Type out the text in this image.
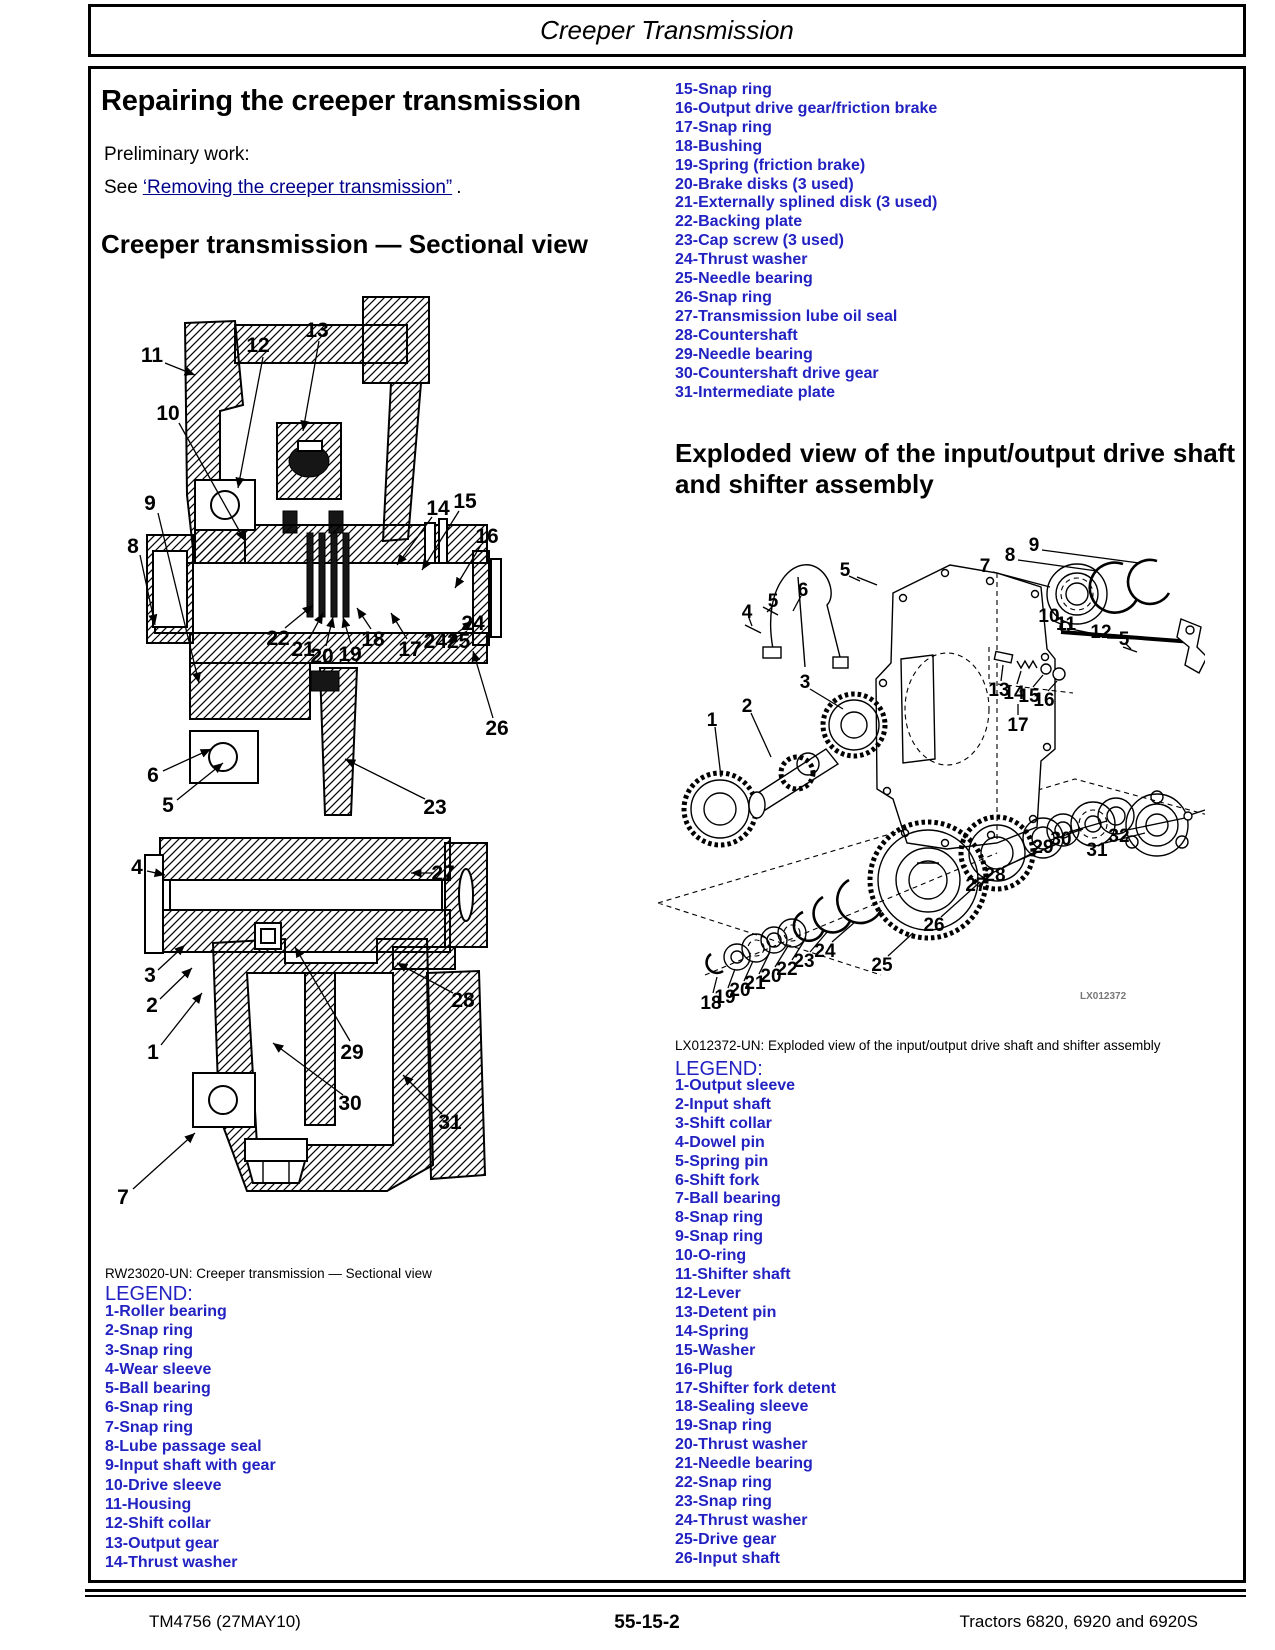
Creeper Transmission
Repairing the creeper transmission
Preliminary work:
See ‘Removing the creeper transmission” .
Creeper transmission — Sectional view
11	12
13
10
9
8
14 15
16
24
22 21
20 19
18 17 2425
26
6
5	23
4	27
3
2	28
1	29
30
31
7
RW23020-UN: Creeper transmission — Sectional view
LEGEND:
1-Roller bearing
2-Snap ring
3-Snap ring
4-Wear sleeve
5-Ball bearing
6-Snap ring
7-Snap ring
8-Lube passage seal
9-Input shaft with gear
10-Drive sleeve
11-Housing
12-Shift collar
13-Output gear
14-Thrust washer
15-Snap ring
16-Output drive gear/friction brake
17-Snap ring
18-Bushing
19-Spring (friction brake)
20-Brake disks (3 used)
21-Externally splined disk (3 used)
22-Backing plate
23-Cap screw (3 used)
24-Thrust washer
25-Needle bearing
26-Snap ring
27-Transmission lube oil seal
28-Countershaft
29-Needle bearing
30-Countershaft drive gear
31-Intermediate plate
Exploded view of the input/output drive shaft and shifter assembly
LX012372
1
2
3
4
5
6
5	7
8 9
10
11 12 5
13
14
15
16
17
18
19
20
21
20
22
23 24
25
26
27
28
29
30
31
32
LX012372-UN: Exploded view of the input/output drive shaft and shifter assembly
LEGEND:
1-Output sleeve
2-Input shaft
3-Shift collar
4-Dowel pin
5-Spring pin
6-Shift fork
7-Ball bearing
8-Snap ring
9-Snap ring
10-O-ring
11-Shifter shaft
12-Lever
13-Detent pin
14-Spring
15-Washer
16-Plug
17-Shifter fork detent
18-Sealing sleeve
19-Snap ring
20-Thrust washer
21-Needle bearing
22-Snap ring
23-Snap ring
24-Thrust washer
25-Drive gear
26-Input shaft
TM4756 (27MAY10)	55-15-2	Tractors 6820, 6920 and 6920S
